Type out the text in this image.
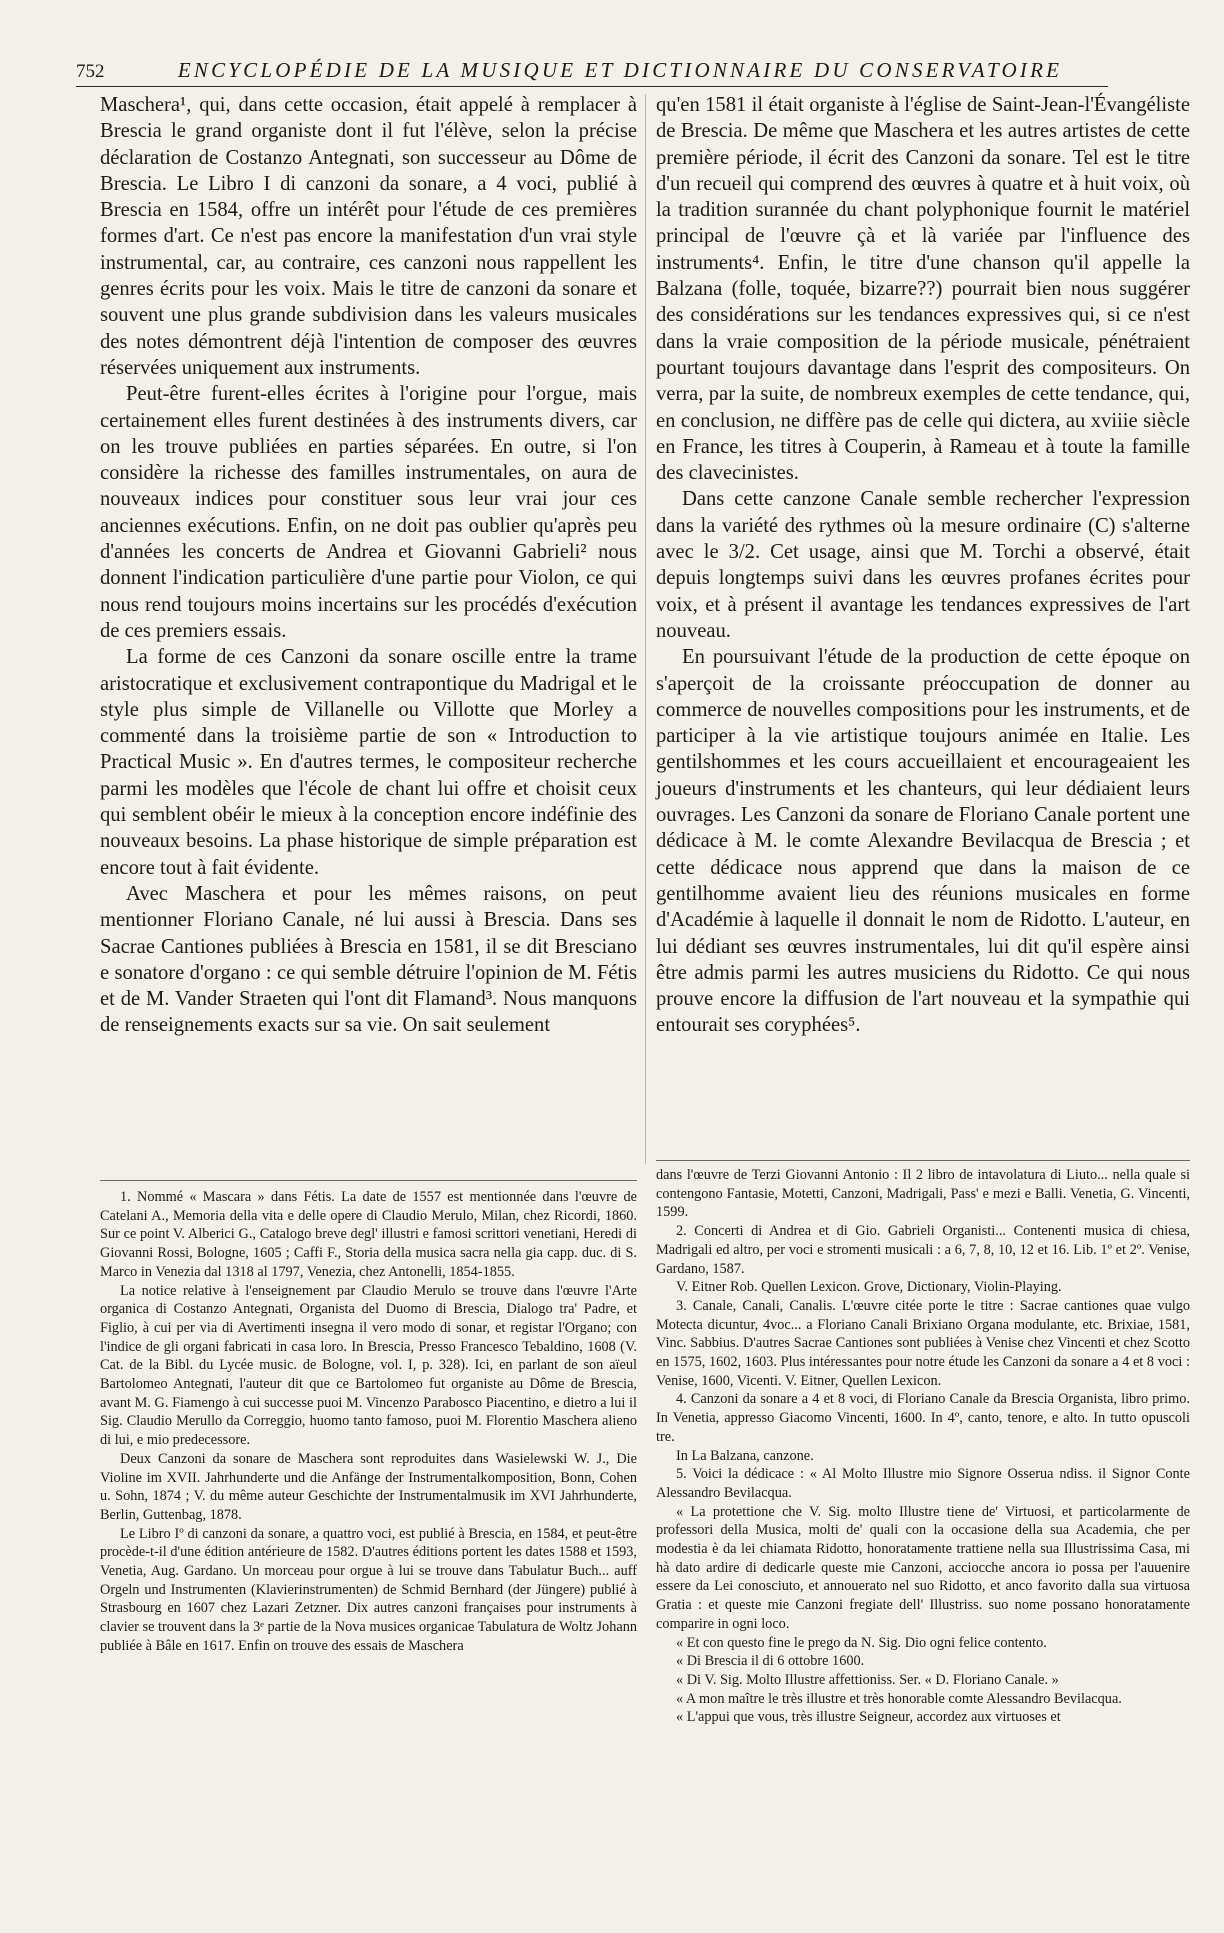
752	ENCYCLOPÉDIE DE LA MUSIQUE ET DICTIONNAIRE DU CONSERVATOIRE

Maschera¹, qui, dans cette occasion, était appelé à remplacer à Brescia le grand organiste dont il fut l'élève, selon la précise déclaration de Costanzo Antegnati, son successeur au Dôme de Brescia. Le Libro I di canzoni da sonare, a 4 voci, publié à Brescia en 1584, offre un intérêt pour l'étude de ces premières formes d'art. Ce n'est pas encore la manifestation d'un vrai style instrumental, car, au contraire, ces canzoni nous rappellent les genres écrits pour les voix. Mais le titre de canzoni da sonare et souvent une plus grande subdivision dans les valeurs musicales des notes démontrent déjà l'intention de composer des œuvres réservées uniquement aux instruments.

Peut-être furent-elles écrites à l'origine pour l'orgue, mais certainement elles furent destinées à des instruments divers, car on les trouve publiées en parties séparées. En outre, si l'on considère la richesse des familles instrumentales, on aura de nouveaux indices pour constituer sous leur vrai jour ces anciennes exécutions. Enfin, on ne doit pas oublier qu'après peu d'années les concerts de Andrea et Giovanni Gabrieli² nous donnent l'indication particulière d'une partie pour Violon, ce qui nous rend toujours moins incertains sur les procédés d'exécution de ces premiers essais.

La forme de ces Canzoni da sonare oscille entre la trame aristocratique et exclusivement contrapontique du Madrigal et le style plus simple de Villanelle ou Villotte que Morley a commenté dans la troisième partie de son « Introduction to Practical Music ». En d'autres termes, le compositeur recherche parmi les modèles que l'école de chant lui offre et choisit ceux qui semblent obéir le mieux à la conception encore indéfinie des nouveaux besoins. La phase historique de simple préparation est encore tout à fait évidente.

Avec Maschera et pour les mêmes raisons, on peut mentionner Floriano Canale, né lui aussi à Brescia. Dans ses Sacrae Cantiones publiées à Brescia en 1581, il se dit Bresciano e sonatore d'organo : ce qui semble détruire l'opinion de M. Fétis et de M. Vander Straeten qui l'ont dit Flamand³. Nous manquons de renseignements exacts sur sa vie. On sait seulement

qu'en 1581 il était organiste à l'église de Saint-Jean-l'Évangéliste de Brescia. De même que Maschera et les autres artistes de cette première période, il écrit des Canzoni da sonare. Tel est le titre d'un recueil qui comprend des œuvres à quatre et à huit voix, où la tradition surannée du chant polyphonique fournit le matériel principal de l'œuvre çà et là variée par l'influence des instruments⁴. Enfin, le titre d'une chanson qu'il appelle la Balzana (folle, toquée, bizarre??) pourrait bien nous suggérer des considérations sur les tendances expressives qui, si ce n'est dans la vraie composition de la période musicale, pénétraient pourtant toujours davantage dans l'esprit des compositeurs. On verra, par la suite, de nombreux exemples de cette tendance, qui, en conclusion, ne diffère pas de celle qui dictera, au xviiie siècle en France, les titres à Couperin, à Rameau et à toute la famille des clavecinistes.

Dans cette canzone Canale semble rechercher l'expression dans la variété des rythmes où la mesure ordinaire (C) s'alterne avec le 3/2. Cet usage, ainsi que M. Torchi a observé, était depuis longtemps suivi dans les œuvres profanes écrites pour voix, et à présent il avantage les tendances expressives de l'art nouveau.

En poursuivant l'étude de la production de cette époque on s'aperçoit de la croissante préoccupation de donner au commerce de nouvelles compositions pour les instruments, et de participer à la vie artistique toujours animée en Italie. Les gentilshommes et les cours accueillaient et encourageaient les joueurs d'instruments et les chanteurs, qui leur dédiaient leurs ouvrages. Les Canzoni da sonare de Floriano Canale portent une dédicace à M. le comte Alexandre Bevilacqua de Brescia ; et cette dédicace nous apprend que dans la maison de ce gentilhomme avaient lieu des réunions musicales en forme d'Académie à laquelle il donnait le nom de Ridotto. L'auteur, en lui dédiant ses œuvres instrumentales, lui dit qu'il espère ainsi être admis parmi les autres musiciens du Ridotto. Ce qui nous prouve encore la diffusion de l'art nouveau et la sympathie qui entourait ses coryphées⁵.

1. Nommé « Mascara » dans Fétis. La date de 1557 est mentionnée dans l'œuvre de Catelani A., Memoria della vita e delle opere di Claudio Merulo, Milan, chez Ricordi, 1860. Sur ce point V. Alberici G., Catalogo breve degl' illustri e famosi scrittori venetiani, Heredi di Giovanni Rossi, Bologne, 1605 ; Caffi F., Storia della musica sacra nella gia capp. duc. di S. Marco in Venezia dal 1318 al 1797, Venezia, chez Antonelli, 1854-1855.

La notice relative à l'enseignement par Claudio Merulo se trouve dans l'œuvre l'Arte organica di Costanzo Antegnati, Organista del Duomo di Brescia, Dialogo tra' Padre, et Figlio, à cui per via di Avertimenti insegna il vero modo di sonar, et registar l'Organo; con l'indice de gli organi fabricati in casa loro. In Brescia, Presso Francesco Tebaldino, 1608 (V. Cat. de la Bibl. du Lycée music. de Bologne, vol. I, p. 328). Ici, en parlant de son aïeul Bartolomeo Antegnati, l'auteur dit que ce Bartolomeo fut organiste au Dôme de Brescia, avant M. G. Fiamengo à cui successe puoi M. Vincenzo Parabosco Piacentino, e dietro a lui il Sig. Claudio Merullo da Correggio, huomo tanto famoso, puoi M. Florentio Maschera alieno di lui, e mio predecessore.

Deux Canzoni da sonare de Maschera sont reproduites dans Wasielewski W. J., Die Violine im XVII. Jahrhunderte und die Anfänge der Instrumentalkomposition, Bonn, Cohen u. Sohn, 1874 ; V. du même auteur Geschichte der Instrumentalmusik im XVI Jahrhunderte, Berlin, Guttenbag, 1878.

Le Libro Iº di canzoni da sonare, a quattro voci, est publié à Brescia, en 1584, et peut-être procède-t-il d'une édition antérieure de 1582. D'autres éditions portent les dates 1588 et 1593, Venetia, Aug. Gardano. Un morceau pour orgue à lui se trouve dans Tabulatur Buch... auff Orgeln und Instrumenten (Klavierinstrumenten) de Schmid Bernhard (der Jüngere) publié à Strasbourg en 1607 chez Lazari Zetzner. Dix autres canzoni françaises pour instruments à clavier se trouvent dans la 3ᵉ partie de la Nova musices organicae Tabulatura de Woltz Johann publiée à Bâle en 1617. Enfin on trouve des essais de Maschera

dans l'œuvre de Terzi Giovanni Antonio : Il 2 libro de intavolatura di Liuto... nella quale si contengono Fantasie, Motetti, Canzoni, Madrigali, Pass' e mezi e Balli. Venetia, G. Vincenti, 1599.

2. Concerti di Andrea et di Gio. Gabrieli Organisti... Contenenti musica di chiesa, Madrigali ed altro, per voci e stromenti musicali : a 6, 7, 8, 10, 12 et 16. Lib. 1º et 2º. Venise, Gardano, 1587.

V. Eitner Rob. Quellen Lexicon. Grove, Dictionary, Violin-Playing.

3. Canale, Canali, Canalis. L'œuvre citée porte le titre : Sacrae cantiones quae vulgo Motecta dicuntur, 4voc... a Floriano Canali Brixiano Organa modulante, etc. Brixiae, 1581, Vinc. Sabbius. D'autres Sacrae Cantiones sont publiées à Venise chez Vincenti et chez Scotto en 1575, 1602, 1603. Plus intéressantes pour notre étude les Canzoni da sonare a 4 et 8 voci : Venise, 1600, Vicenti. V. Eitner, Quellen Lexicon.

4. Canzoni da sonare a 4 et 8 voci, di Floriano Canale da Brescia Organista, libro primo. In Venetia, appresso Giacomo Vincenti, 1600. In 4º, canto, tenore, e alto. In tutto opuscoli tre.

In La Balzana, canzone.

5. Voici la dédicace : « Al Molto Illustre mio Signore Osserua ndiss. il Signor Conte Alessandro Bevilacqua.

« La protettione che V. Sig. molto Illustre tiene de' Virtuosi, et particolarmente de professori della Musica, molti de' quali con la occasione della sua Academia, che per modestia è da lei chiamata Ridotto, honoratamente trattiene nella sua Illustrissima Casa, mi hà dato ardire di dedicarle queste mie Canzoni, acciocche ancora io possa per l'auuenire essere da Lei conosciuto, et annouerato nel suo Ridotto, et anco favorito dalla sua virtuosa Gratia : et queste mie Canzoni fregiate dell' Illustriss. suo nome possano honoratamente comparire in ogni loco.

« Et con questo fine le prego da N. Sig. Dio ogni felice contento.

« Di Brescia il di 6 ottobre 1600.

« Di V. Sig. Molto Illustre affettioniss. Ser. « D. Floriano Canale. »

« A mon maître le très illustre et très honorable comte Alessandro Bevilacqua.

« L'appui que vous, très illustre Seigneur, accordez aux virtuoses et
